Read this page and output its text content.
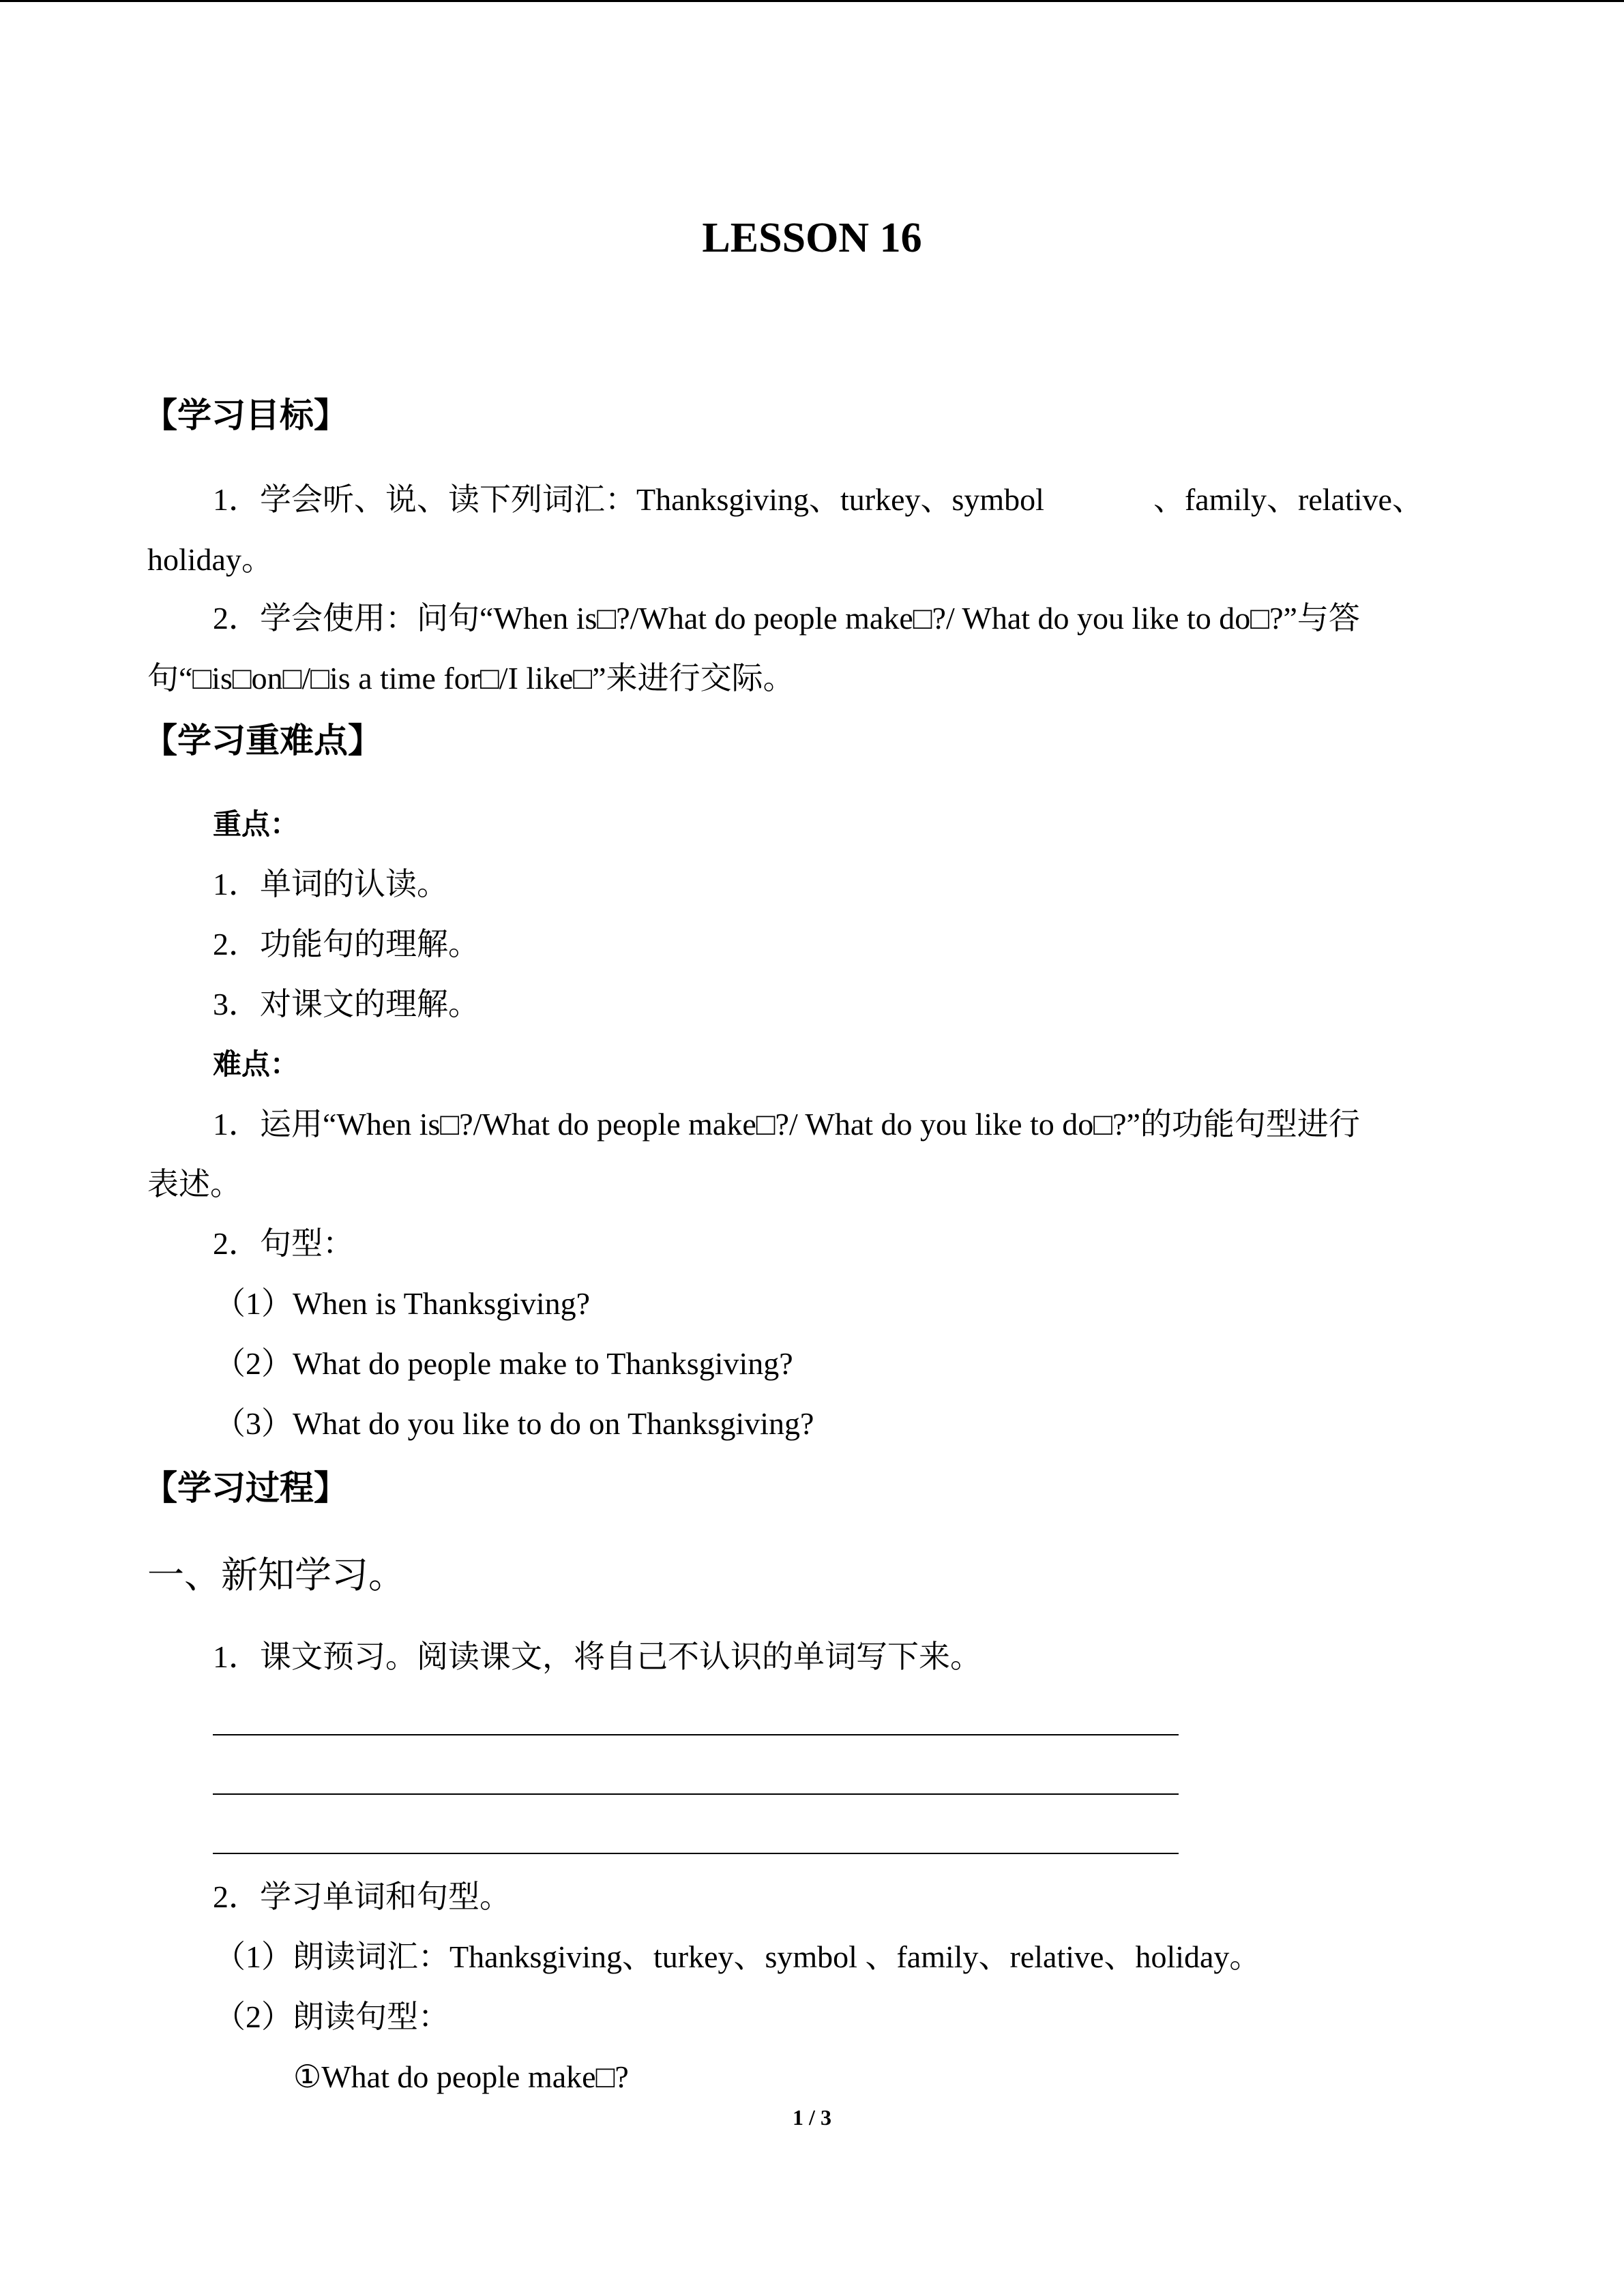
LESSON 16
【学习目标】
1．学会听、说、读下列词汇：Thanksgiving、turkey、symbol	、family、relative、
holiday。
2．学会使用：问句“When is□?/What do people make□?/ What do you like to do□?”与答
句“□is□on□/□is a time for□/I like□”来进行交际。
【学习重难点】

重点：

1．单词的认读。

2．功能句的理解。

3．对课文的理解。

难点：

1．运用“When is□?/What do people make□?/ What do you like to do□?”的功能句型进行
表述。

2．句型：

（1）When is Thanksgiving?

（2）What do people make to Thanksgiving?

（3）What do you like to do on Thanksgiving?

【学习过程】

一、新知学习。

1．课文预习。阅读课文，将自己不认识的单词写下来。

2．学习单词和句型。

（1）朗读词汇：Thanksgiving、turkey、symbol 、family、relative、holiday。

（2）朗读句型：

①What do people make□?

1 / 3
